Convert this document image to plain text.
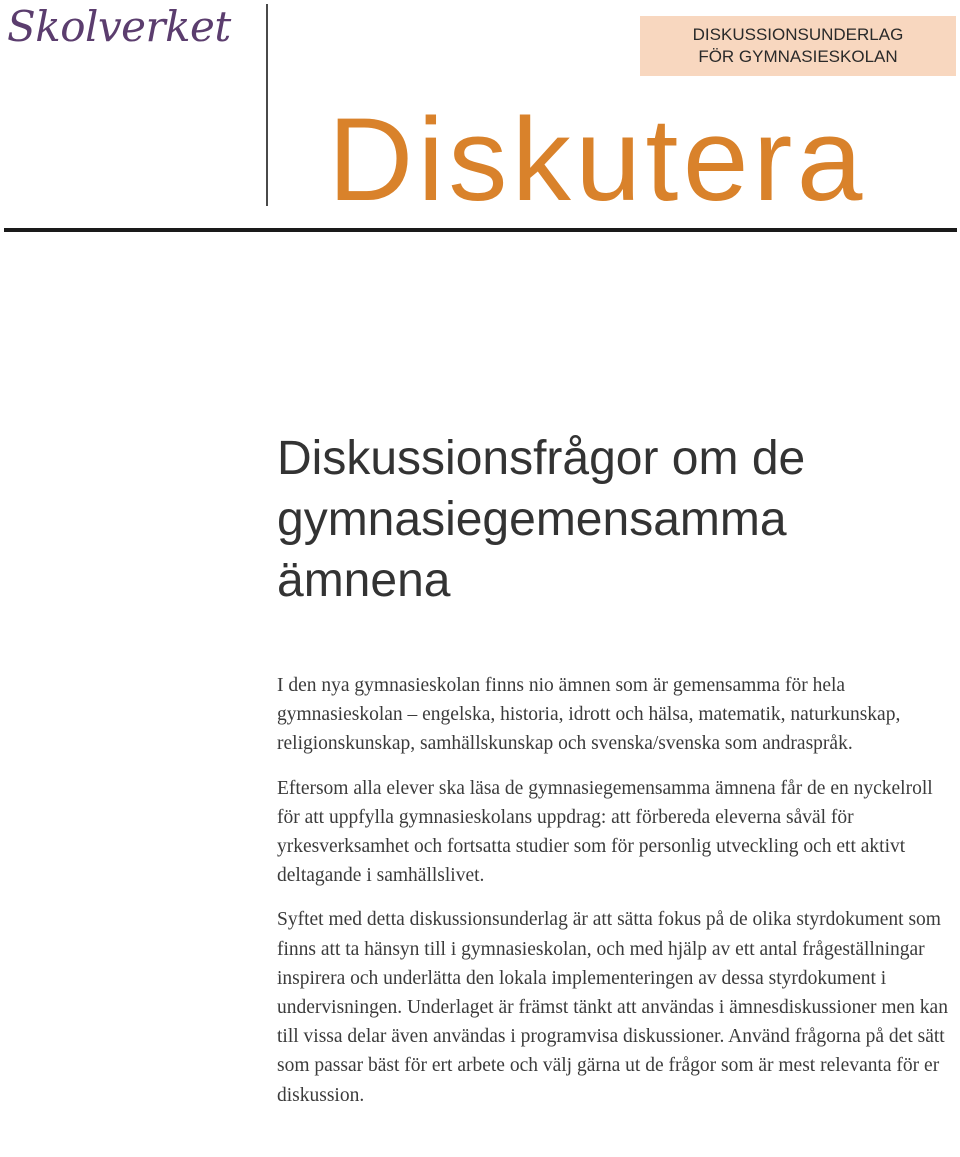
Skolverket	DISKUSSIONSUNDERLAG
FÖR GYMNASIESKOLAN
Diskutera
Diskussionsfrågor om de gymnasiegemensamma ämnena

I den nya gymnasieskolan finns nio ämnen som är gemensamma för hela gymnasieskolan – engelska, historia, idrott och hälsa, matematik, naturkunskap, religionskunskap, samhällskunskap och svenska/svenska som andraspråk.

Eftersom alla elever ska läsa de gymnasiegemensamma ämnena får de en nyckelroll för att uppfylla gymnasieskolans uppdrag: att förbereda eleverna såväl för yrkesverksamhet och fortsatta studier som för personlig utveckling och ett aktivt deltagande i samhällslivet.

Syftet med detta diskussionsunderlag är att sätta fokus på de olika styrdokument som finns att ta hänsyn till i gymnasieskolan, och med hjälp av ett antal frågeställningar inspirera och underlätta den lokala implementeringen av dessa styrdokument i undervisningen. Underlaget är främst tänkt att användas i ämnesdiskussioner men kan till vissa delar även användas i programvisa diskussioner. Använd frågorna på det sätt som passar bäst för ert arbete och välj gärna ut de frågor som är mest relevanta för er diskussion.
